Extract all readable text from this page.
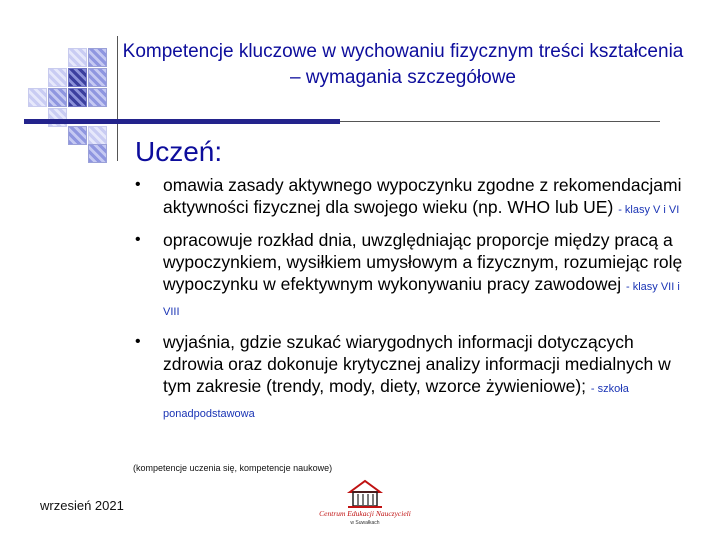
Kompetencje kluczowe w wychowaniu fizycznym treści kształcenia – wymagania szczegółowe
Uczeń:
• omawia zasady aktywnego wypoczynku zgodne z rekomendacjami aktywności fizycznej dla swojego wieku (np. WHO lub UE) - klasy V i VI
• opracowuje rozkład dnia, uwzględniając proporcje między pracą a wypoczynkiem, wysiłkiem umysłowym a fizycznym, rozumiejąc rolę wypoczynku w efektywnym wykonywaniu pracy zawodowej - klasy VII i VIII
• wyjaśnia, gdzie szukać wiarygodnych informacji dotyczących zdrowia oraz dokonuje krytycznej analizy informacji medialnych w tym zakresie (trendy, mody, diety, wzorce żywieniowe); - szkoła ponadpodstawowa
(kompetencje uczenia się, kompetencje naukowe)
wrzesień 2021
Centrum Edukacji Nauczycieli
w Suwałkach
